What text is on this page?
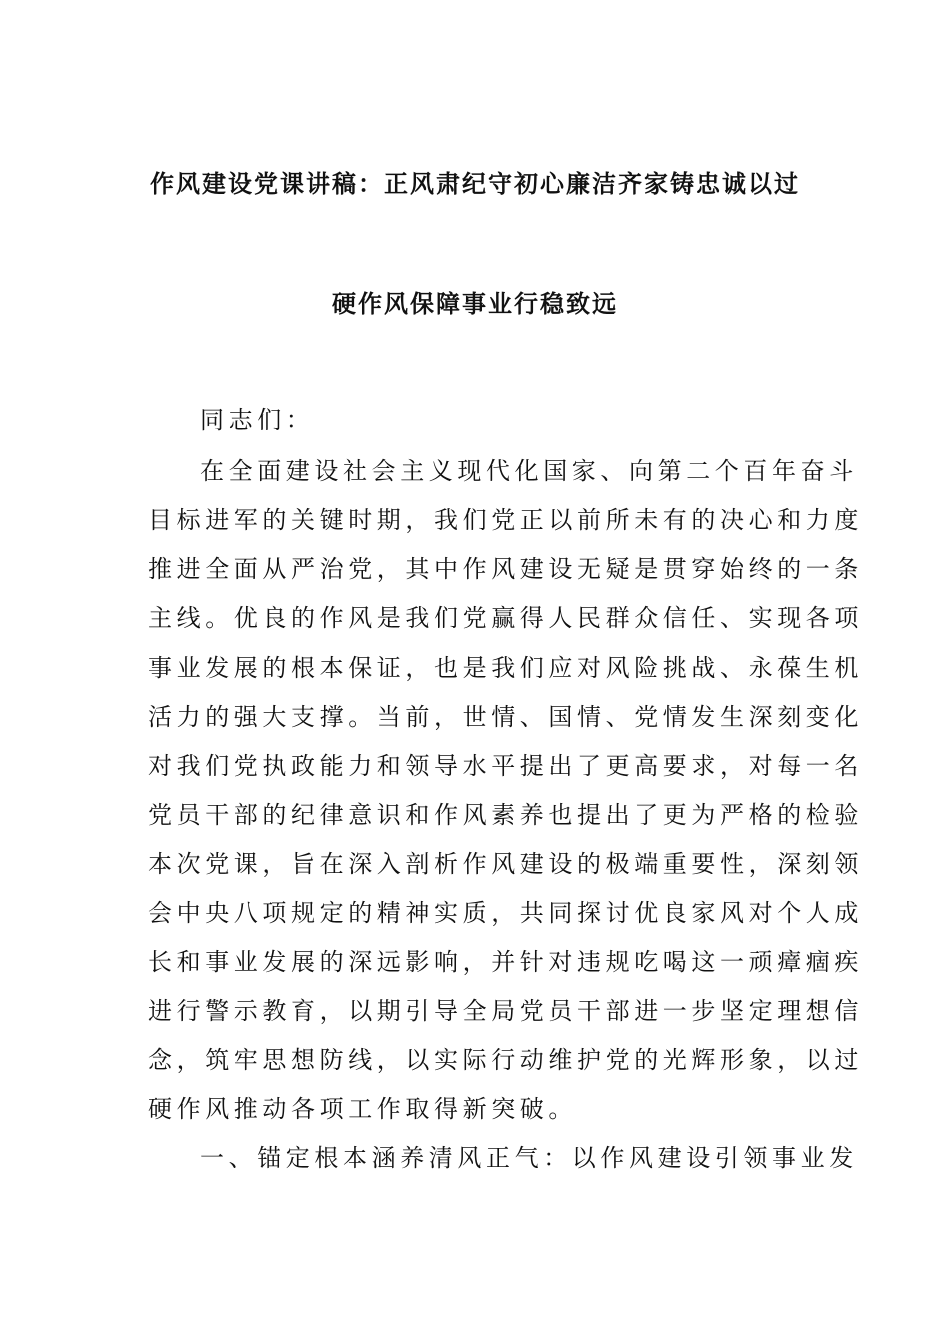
作风建设党课讲稿：正风肃纪守初心廉洁齐家铸忠诚以过
硬作风保障事业行稳致远
同志们：
在全面建设社会主义现代化国家、向第二个百年奋斗
目标进军的关键时期，我们党正以前所未有的决心和力度
推进全面从严治党，其中作风建设无疑是贯穿始终的一条
主线。优良的作风是我们党赢得人民群众信任、实现各项
事业发展的根本保证，也是我们应对风险挑战、永葆生机
活力的强大支撑。当前，世情、国情、党情发生深刻变化
对我们党执政能力和领导水平提出了更高要求，对每一名
党员干部的纪律意识和作风素养也提出了更为严格的检验
本次党课，旨在深入剖析作风建设的极端重要性，深刻领
会中央八项规定的精神实质，共同探讨优良家风对个人成
长和事业发展的深远影响，并针对违规吃喝这一顽瘴痼疾
进行警示教育，以期引导全局党员干部进一步坚定理想信
念，筑牢思想防线，以实际行动维护党的光辉形象，以过
硬作风推动各项工作取得新突破。
一、锚定根本涵养清风正气：以作风建设引领事业发
